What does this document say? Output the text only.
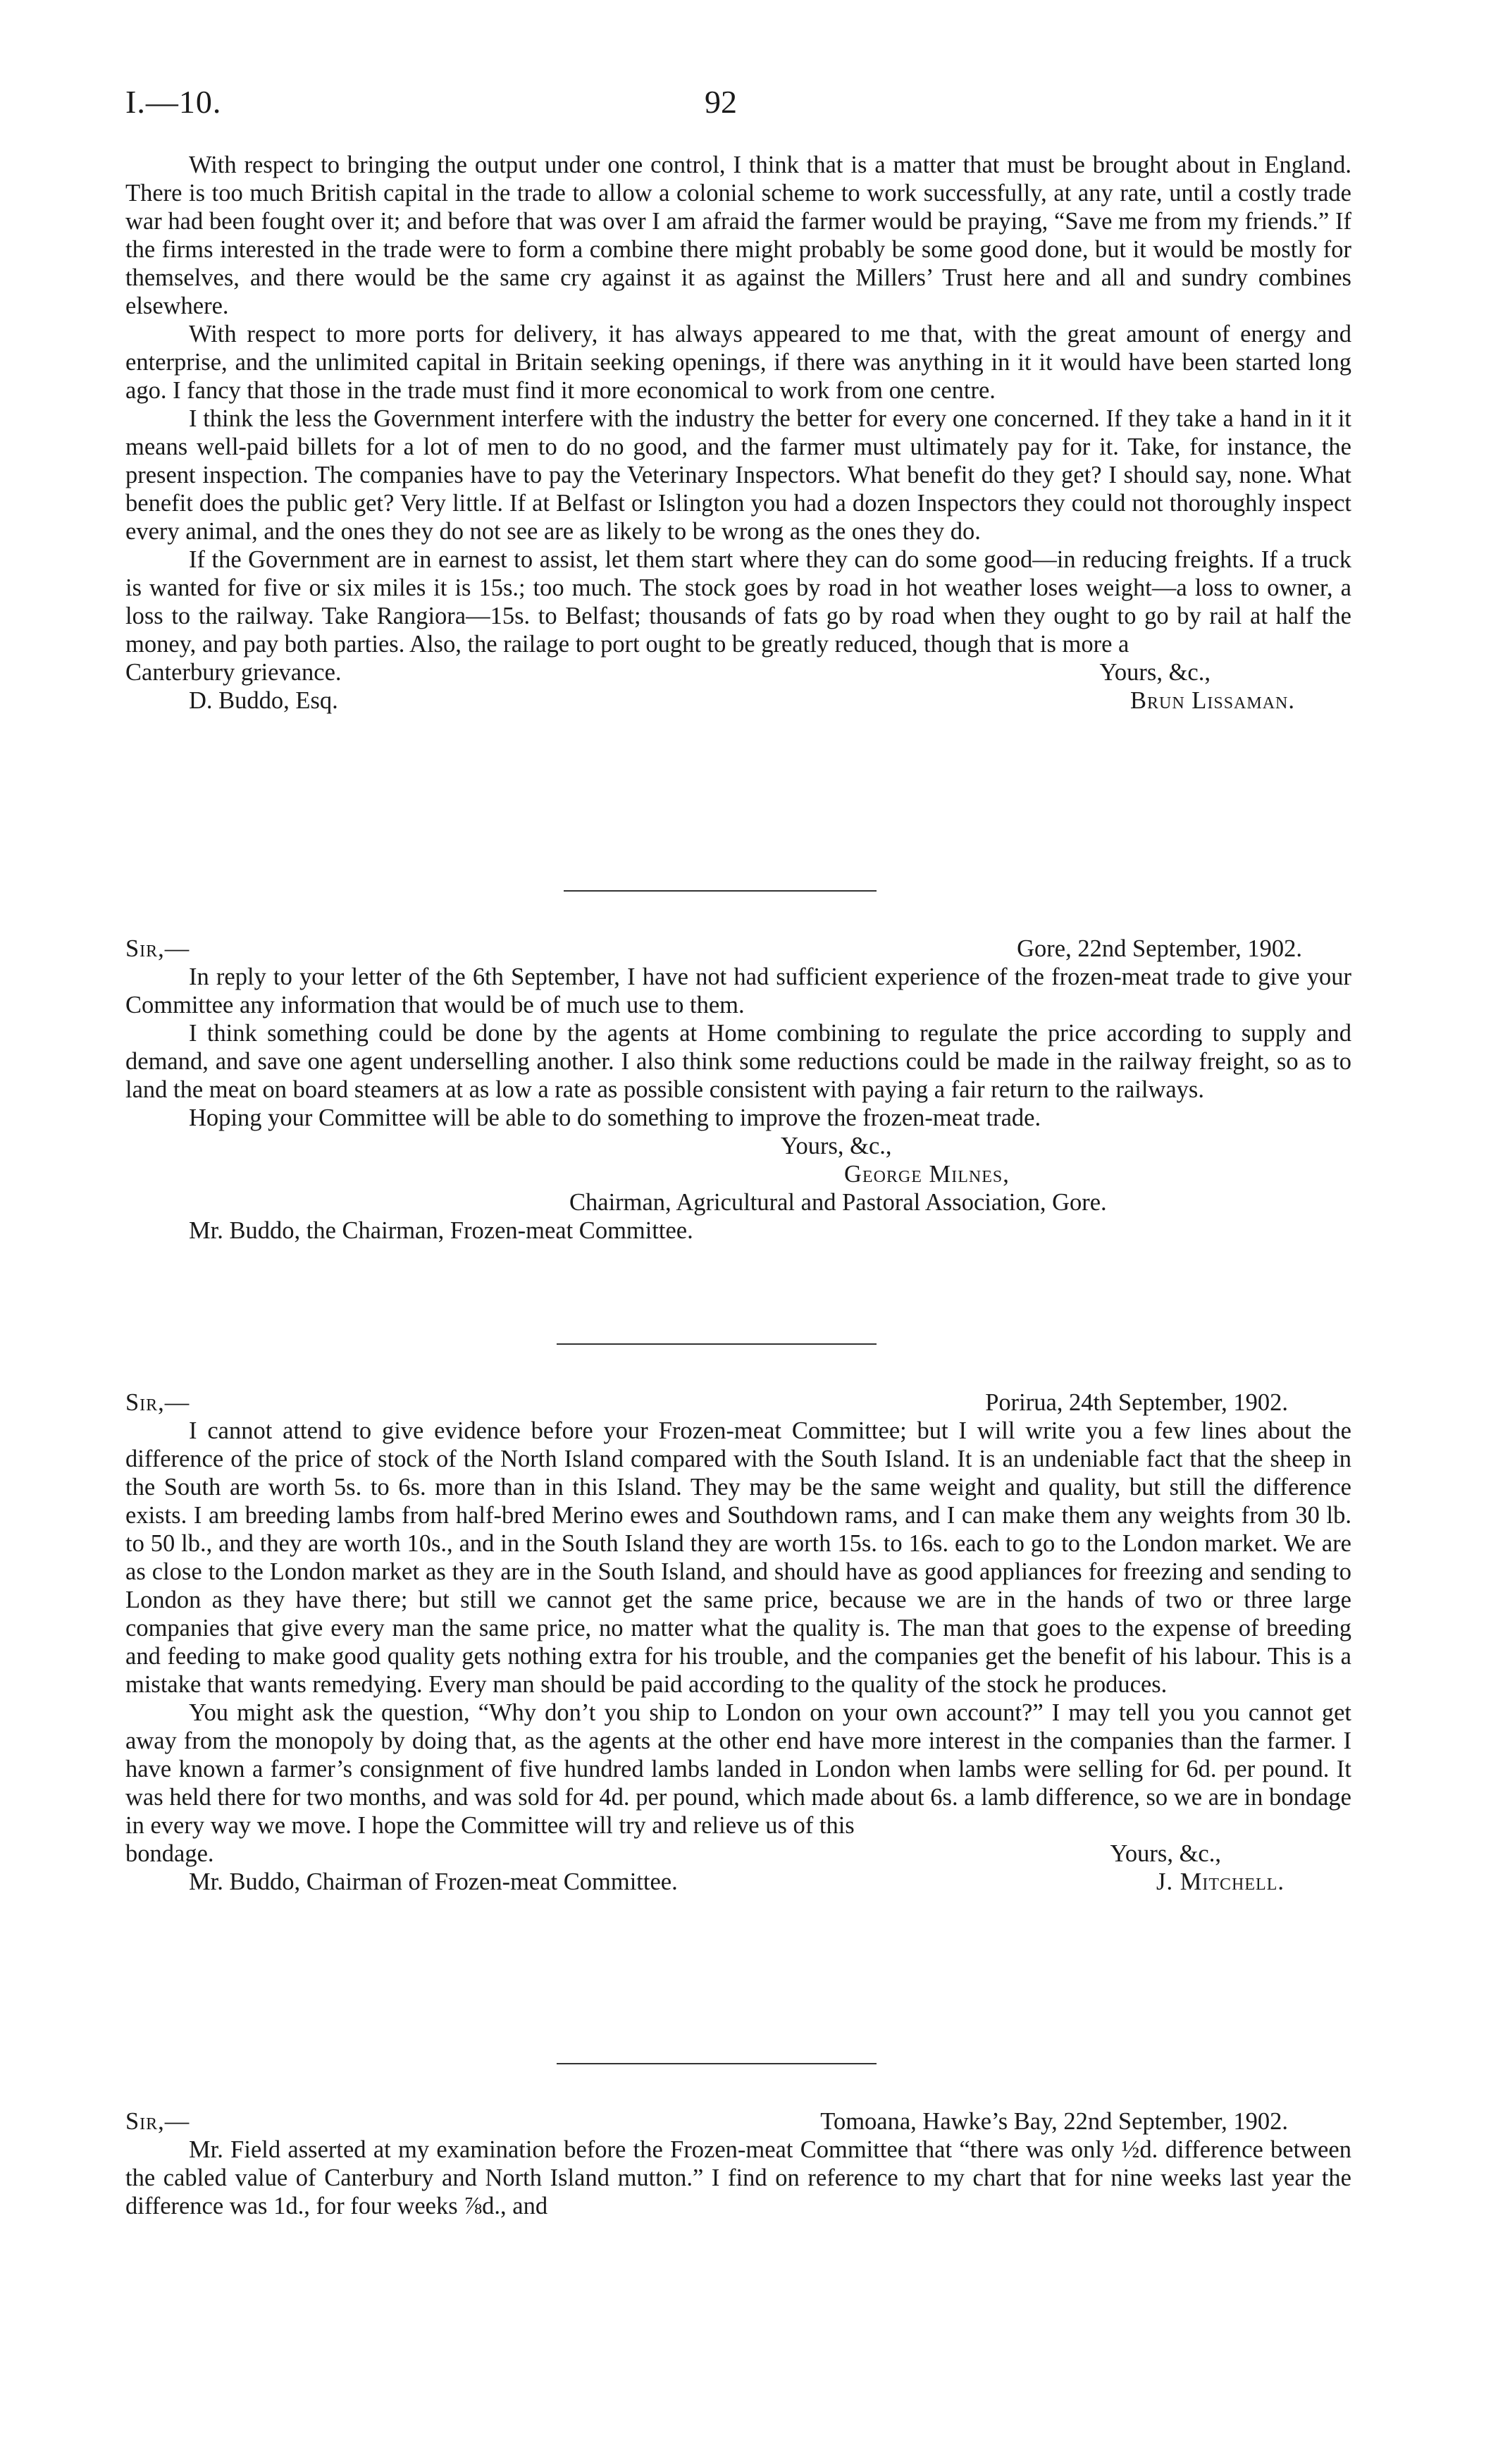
I.—10.	92

With respect to bringing the output under one control, I think that is a matter that must be brought about in England. There is too much British capital in the trade to allow a colonial scheme to work successfully, at any rate, until a costly trade war had been fought over it; and before that was over I am afraid the farmer would be praying, “Save me from my friends.” If the firms interested in the trade were to form a combine there might probably be some good done, but it would be mostly for themselves, and there would be the same cry against it as against the Millers’ Trust here and all and sundry combines elsewhere.

With respect to more ports for delivery, it has always appeared to me that, with the great amount of energy and enterprise, and the unlimited capital in Britain seeking openings, if there was anything in it it would have been started long ago. I fancy that those in the trade must find it more economical to work from one centre.

I think the less the Government interfere with the industry the better for every one concerned. If they take a hand in it it means well-paid billets for a lot of men to do no good, and the farmer must ultimately pay for it. Take, for instance, the present inspection. The companies have to pay the Veterinary Inspectors. What benefit do they get? I should say, none. What benefit does the public get? Very little. If at Belfast or Islington you had a dozen Inspectors they could not thoroughly inspect every animal, and the ones they do not see are as likely to be wrong as the ones they do.

If the Government are in earnest to assist, let them start where they can do some good—in reducing freights. If a truck is wanted for five or six miles it is 15s.; too much. The stock goes by road in hot weather loses weight—a loss to owner, a loss to the railway. Take Rangiora—15s. to Belfast; thousands of fats go by road when they ought to go by rail at half the money, and pay both parties. Also, the railage to port ought to be greatly reduced, though that is more a

Canterbury grievance.	Yours, &c.,
D. Buddo, Esq.	Brun Lissaman.
Sir,—	Gore, 22nd September, 1902.

In reply to your letter of the 6th September, I have not had sufficient experience of the frozen-meat trade to give your Committee any information that would be of much use to them.

I think something could be done by the agents at Home combining to regulate the price according to supply and demand, and save one agent underselling another. I also think some reductions could be made in the railway freight, so as to land the meat on board steamers at as low a rate as possible consistent with paying a fair return to the railways.

Hoping your Committee will be able to do something to improve the frozen-meat trade.

Yours, &c.,
George Milnes,
Chairman, Agricultural and Pastoral Association, Gore.
Mr. Buddo, the Chairman, Frozen-meat Committee.
Sir,—	Porirua, 24th September, 1902.

I cannot attend to give evidence before your Frozen-meat Committee; but I will write you a few lines about the difference of the price of stock of the North Island compared with the South Island. It is an undeniable fact that the sheep in the South are worth 5s. to 6s. more than in this Island. They may be the same weight and quality, but still the difference exists. I am breeding lambs from half-bred Merino ewes and Southdown rams, and I can make them any weights from 30 lb. to 50 lb., and they are worth 10s., and in the South Island they are worth 15s. to 16s. each to go to the London market. We are as close to the London market as they are in the South Island, and should have as good appliances for freezing and sending to London as they have there; but still we cannot get the same price, because we are in the hands of two or three large companies that give every man the same price, no matter what the quality is. The man that goes to the expense of breeding and feeding to make good quality gets nothing extra for his trouble, and the companies get the benefit of his labour. This is a mistake that wants remedying. Every man should be paid according to the quality of the stock he produces.

You might ask the question, “Why don’t you ship to London on your own account?” I may tell you you cannot get away from the monopoly by doing that, as the agents at the other end have more interest in the companies than the farmer. I have known a farmer’s consignment of five hundred lambs landed in London when lambs were selling for 6d. per pound. It was held there for two months, and was sold for 4d. per pound, which made about 6s. a lamb difference, so we are in bondage in every way we move. I hope the Committee will try and relieve us of this

bondage.	Yours, &c.,
Mr. Buddo, Chairman of Frozen-meat Committee.	J. Mitchell.
Sir,—	Tomoana, Hawke’s Bay, 22nd September, 1902.

Mr. Field asserted at my examination before the Frozen-meat Committee that “there was only ½d. difference between the cabled value of Canterbury and North Island mutton.” I find on reference to my chart that for nine weeks last year the difference was 1d., for four weeks ⅞d., and
